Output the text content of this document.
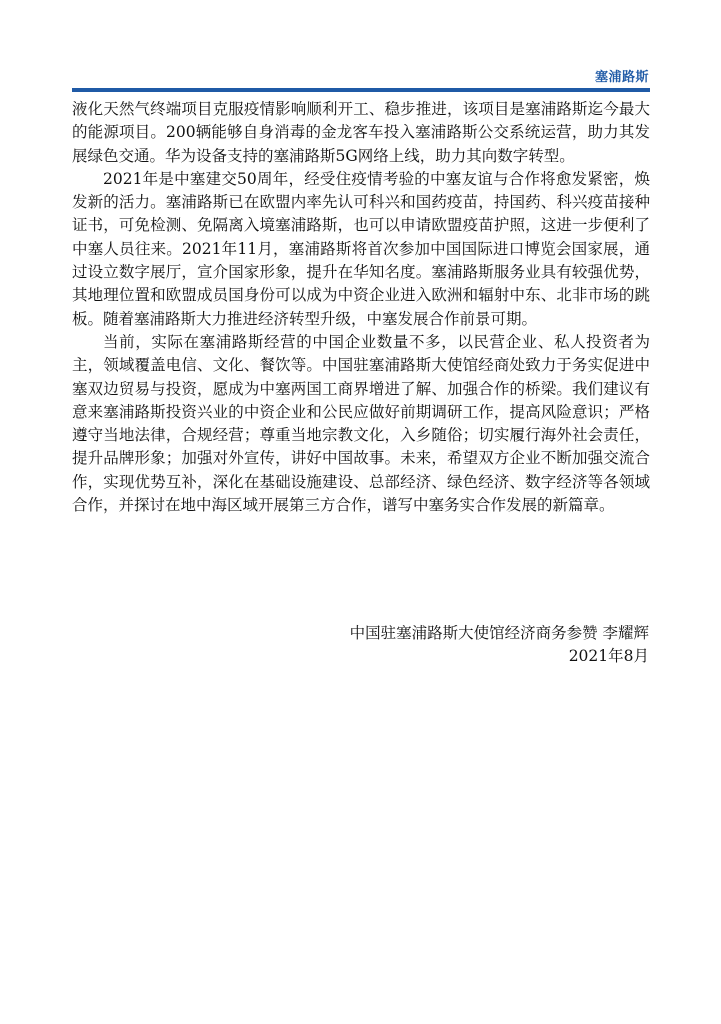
塞浦路斯

液化天然气终端项目克服疫情影响顺利开工、稳步推进，该项目是塞浦路斯迄今最大的能源项目。200辆能够自身消毒的金龙客车投入塞浦路斯公交系统运营，助力其发展绿色交通。华为设备支持的塞浦路斯5G网络上线，助力其向数字转型。

2021年是中塞建交50周年，经受住疫情考验的中塞友谊与合作将愈发紧密，焕发新的活力。塞浦路斯已在欧盟内率先认可科兴和国药疫苗，持国药、科兴疫苗接种证书，可免检测、免隔离入境塞浦路斯，也可以申请欧盟疫苗护照，这进一步便利了中塞人员往来。2021年11月，塞浦路斯将首次参加中国国际进口博览会国家展，通过设立数字展厅，宣介国家形象，提升在华知名度。塞浦路斯服务业具有较强优势，其地理位置和欧盟成员国身份可以成为中资企业进入欧洲和辐射中东、北非市场的跳板。随着塞浦路斯大力推进经济转型升级，中塞发展合作前景可期。

当前，实际在塞浦路斯经营的中国企业数量不多，以民营企业、私人投资者为主，领域覆盖电信、文化、餐饮等。中国驻塞浦路斯大使馆经商处致力于务实促进中塞双边贸易与投资，愿成为中塞两国工商界增进了解、加强合作的桥梁。我们建议有意来塞浦路斯投资兴业的中资企业和公民应做好前期调研工作，提高风险意识；严格遵守当地法律，合规经营；尊重当地宗教文化，入乡随俗；切实履行海外社会责任，提升品牌形象；加强对外宣传，讲好中国故事。未来，希望双方企业不断加强交流合作，实现优势互补，深化在基础设施建设、总部经济、绿色经济、数字经济等各领域合作，并探讨在地中海区域开展第三方合作，谱写中塞务实合作发展的新篇章。

中国驻塞浦路斯大使馆经济商务参赞 李耀辉
2021年8月
